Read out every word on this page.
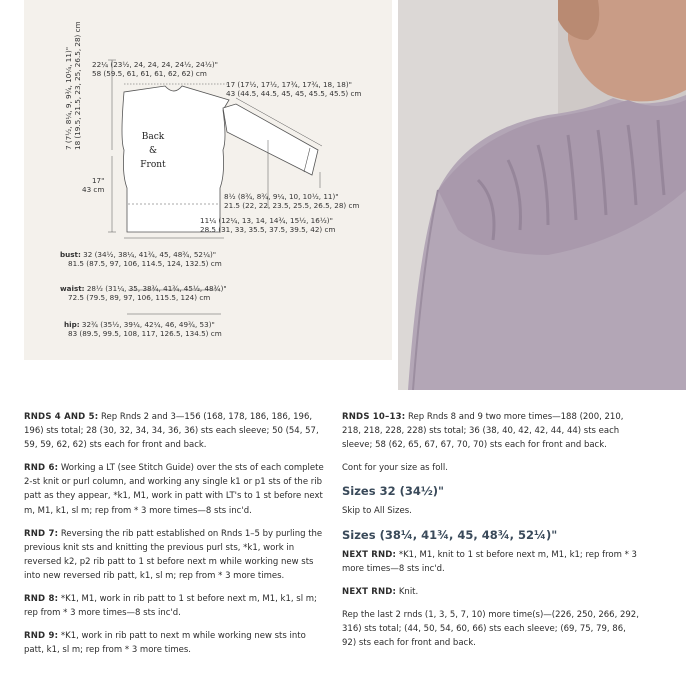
Back
&
Front
22¼ (23½, 24, 24, 24, 24½, 24½)"
58 (59.5, 61, 61, 61, 62, 62) cm
7 (7½, 8¼, 9, 9¾, 10¼, 11)" 18 (19.5, 21.5, 23, 25, 26.5, 28) cm	17 (17½, 17½, 17¾, 17¾, 18, 18)"
43 (44.5, 44.5, 45, 45, 45.5, 45.5) cm
17"
43 cm
8½ (8¾, 8¾, 9¼, 10, 10½, 11)"
21.5 (22, 22, 23.5, 25.5, 26.5, 28) cm
11¼ (12¼, 13, 14, 14¾, 15½, 16½)"
28.5 (31, 33, 35.5, 37.5, 39.5, 42) cm
bust: 32 (34½, 38¼, 41¾, 45, 48¾, 52¼)"
81.5 (87.5, 97, 106, 114.5, 124, 132.5) cm
waist: 28½ (31¼, 35, 38¾, 41¾, 45½, 48¾)"
72.5 (79.5, 89, 97, 106, 115.5, 124) cm
hip: 32¾ (35½, 39¼, 42¼, 46, 49¾, 53)"
83 (89.5, 99.5, 108, 117, 126.5, 134.5) cm

RNDS 4 AND 5: Rep Rnds 2 and 3—156 (168, 178, 186, 186, 196, 196) sts total; 28 (30, 32, 34, 34, 36, 36) sts each sleeve; 50 (54, 57, 59, 59, 62, 62) sts each for front and back.

RND 6: Working a LT (see Stitch Guide) over the sts of each complete 2-st knit or purl column, and working any single k1 or p1 sts of the rib patt as they appear, *k1, M1, work in patt with LT's to 1 st before next m, M1, k1, sl m; rep from * 3 more times—8 sts inc'd.

RND 7: Reversing the rib patt established on Rnds 1–5 by purling the previous knit sts and knitting the previous purl sts, *k1, work in reversed k2, p2 rib patt to 1 st before next m while working new sts into new reversed rib patt, k1, sl m; rep from * 3 more times.

RND 8: *K1, M1, work in rib patt to 1 st before next m, M1, k1, sl m; rep from * 3 more times—8 sts inc'd.

RND 9: *K1, work in rib patt to next m while working new sts into patt, k1, sl m; rep from * 3 more times.

RNDS 10–13: Rep Rnds 8 and 9 two more times—188 (200, 210, 218, 218, 228, 228) sts total; 36 (38, 40, 42, 42, 44, 44) sts each sleeve; 58 (62, 65, 67, 67, 70, 70) sts each for front and back.

Cont for your size as foll.

Sizes 32 (34½)"

Skip to All Sizes.

Sizes (38¼, 41¾, 45, 48¾, 52¼)"

NEXT RND: *K1, M1, knit to 1 st before next m, M1, k1; rep from * 3 more times—8 sts inc'd.

NEXT RND: Knit.

Rep the last 2 rnds (1, 3, 5, 7, 10) more time(s)—(226, 250, 266, 292, 316) sts total; (44, 50, 54, 60, 66) sts each sleeve; (69, 75, 79, 86, 92) sts each for front and back.
